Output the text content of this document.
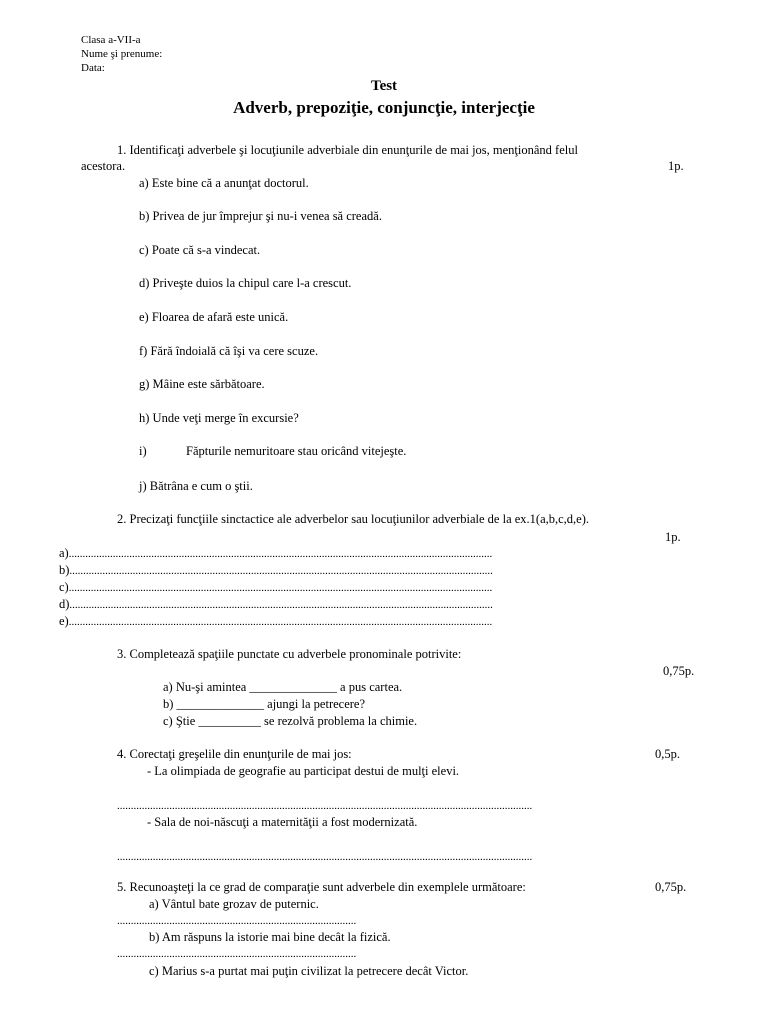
Clasa a-VII-a
Nume şi prenume:
Data:
Test
Adverb, prepoziţie, conjuncţie, interjecţie
1. Identificaţi adverbele şi locuţiunile adverbiale din enunţurile de mai jos, menţionând felul
acestora.	1p.
a) Este bine că a anunţat doctorul.
b) Privea de jur împrejur şi nu-i venea să creadă.
c) Poate că s-a vindecat.
d) Priveşte duios la chipul care l-a crescut.
e) Floarea de afară este unică.
f) Fără îndoială că îşi va cere scuze.
g) Mâine este sărbătoare.
h) Unde veţi merge în excursie?
i)	Fǎpturile nemuritoare stau oricând vitejeşte.
j) Bătrâna e cum o ştii.
2. Precizaţi funcţiile sinctactice ale adverbelor sau locuţiunilor adverbiale de la ex.1(a,b,c,d,e).
1p.
a)..........................................................................................................................................................
b)..........................................................................................................................................................
c)..........................................................................................................................................................
d)..........................................................................................................................................................
e)..........................................................................................................................................................
3. Completează spaţiile punctate cu adverbele pronominale potrivite:
0,75p.
a) Nu-şi amintea ______________ a pus cartea.
b) ______________ ajungi la petrecere?
c) Ştie __________ se rezolvă problema la chimie.
4. Corectaţi greşelile din enunţurile de mai jos:	0,5p.
- La olimpiada de geografie au participat destui de mulţi elevi.
.......................................................................................................................................................
- Sala de noi-născuţi a maternităţii a fost modernizată.
.......................................................................................................................................................
5. Recunoaşteţi la ce grad de comparaţie sunt adverbele din exemplele următoare:	0,75p.
a) Vântul bate grozav de puternic.
.......................................................................................
b) Am răspuns la istorie mai bine decât la fizică.
.......................................................................................
c) Marius s-a purtat mai puţin civilizat la petrecere decât Victor.
